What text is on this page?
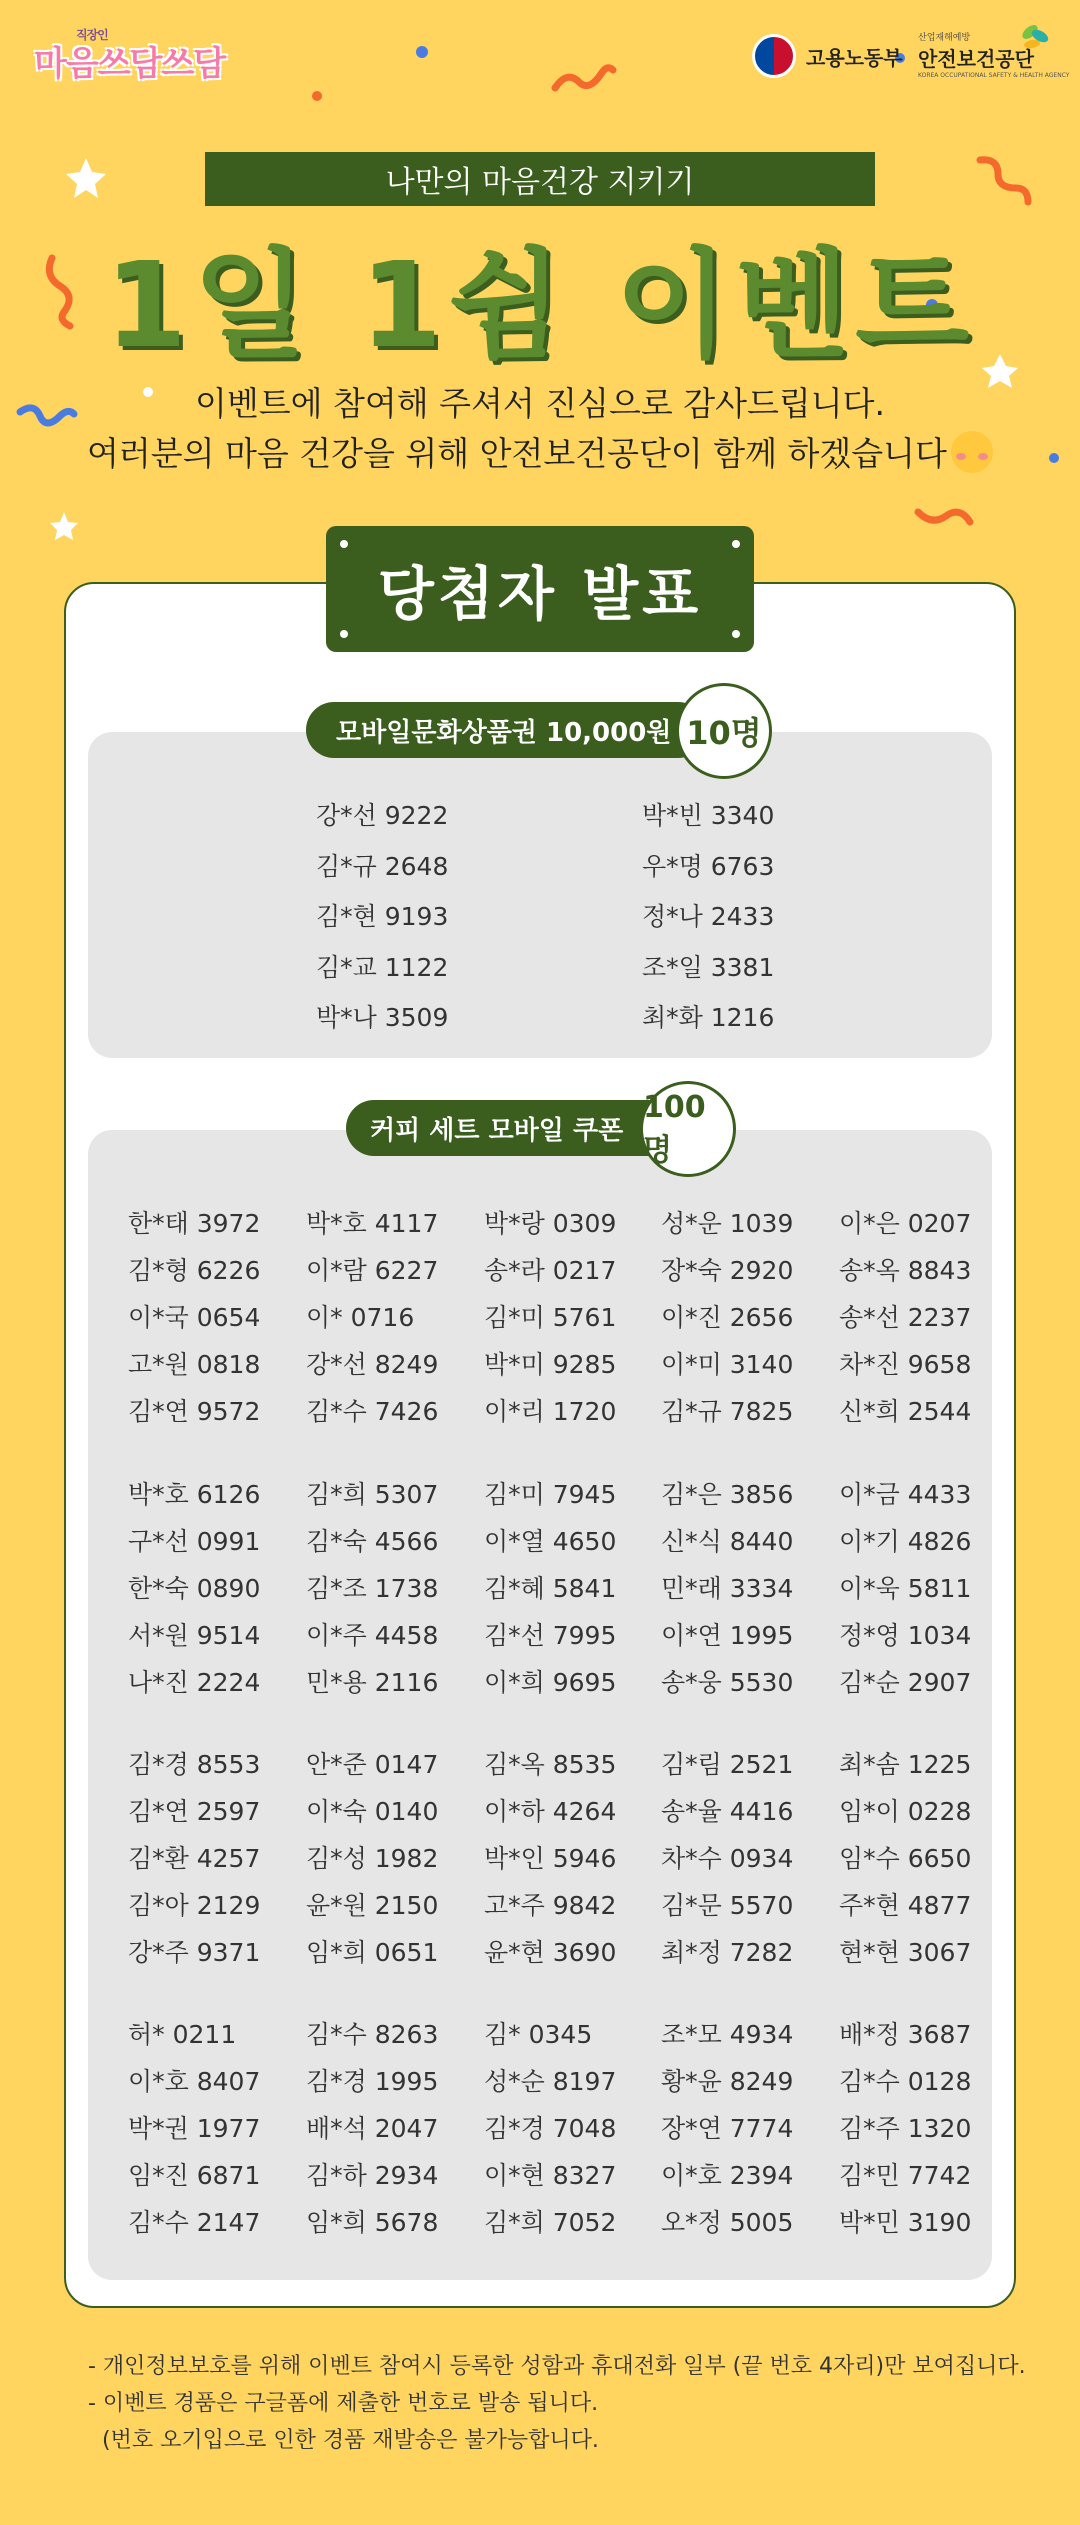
직장인
마음쓰담쓰담	고용노동부
산업재해예방
안전보건공단
KOREA OCCUPATIONAL SAFETY & HEALTH AGENCY
나만의 마음건강 지키기
1일 1쉼 이벤트
이벤트에 참여해 주셔서 진심으로 감사드립니다.
여러분의 마음 건강을 위해 안전보건공단이 함께 하겠습니다
당첨자 발표
모바일문화상품권 10,000원 10명
강*선 9222	박*빈 3340
김*규 2648	우*명 6763
김*현 9193	정*나 2433
김*교 1122	조*일 3381
박*나 3509	최*화 1216
커피 세트 모바일 쿠폰
100명
한*태 3972 박*호 4117 박*랑 0309 성*운 1039 이*은 0207
김*형 6226 이*람 6227 송*라 0217 장*숙 2920 송*옥 8843
이*국 0654 이* 0716	김*미 5761 이*진 2656 송*선 2237
고*원 0818 강*선 8249 박*미 9285 이*미 3140 차*진 9658
김*연 9572 김*수 7426 이*리 1720 김*규 7825 신*희 2544
박*호 6126 김*희 5307 김*미 7945 김*은 3856 이*금 4433
구*선 0991 김*숙 4566 이*열 4650 신*식 8440 이*기 4826
한*숙 0890 김*조 1738 김*혜 5841 민*래 3334 이*욱 5811
서*원 9514 이*주 4458 김*선 7995 이*연 1995 정*영 1034
나*진 2224 민*용 2116 이*희 9695 송*웅 5530 김*순 2907
김*경 8553 안*준 0147 김*옥 8535 김*림 2521 최*솜 1225
김*연 2597 이*숙 0140 이*하 4264 송*율 4416 임*이 0228
김*환 4257 김*성 1982 박*인 5946 차*수 0934 임*수 6650
김*아 2129 윤*원 2150 고*주 9842 김*문 5570 주*현 4877
강*주 9371 임*희 0651 윤*현 3690 최*정 7282 현*현 3067
허* 0211	김*수 8263 김* 0345	조*모 4934 배*정 3687
이*호 8407 김*경 1995 성*순 8197 황*윤 8249 김*수 0128
박*권 1977 배*석 2047 김*경 7048 장*연 7774 김*주 1320
임*진 6871 김*하 2934 이*현 8327 이*호 2394 김*민 7742
김*수 2147 임*희 5678 김*희 7052 오*정 5005 박*민 3190
- 개인정보보호를 위해 이벤트 참여시 등록한 성함과 휴대전화 일부 (끝 번호 4자리)만 보여집니다.
- 이벤트 경품은 구글폼에 제출한 번호로 발송 됩니다.
(번호 오기입으로 인한 경품 재발송은 불가능합니다.
